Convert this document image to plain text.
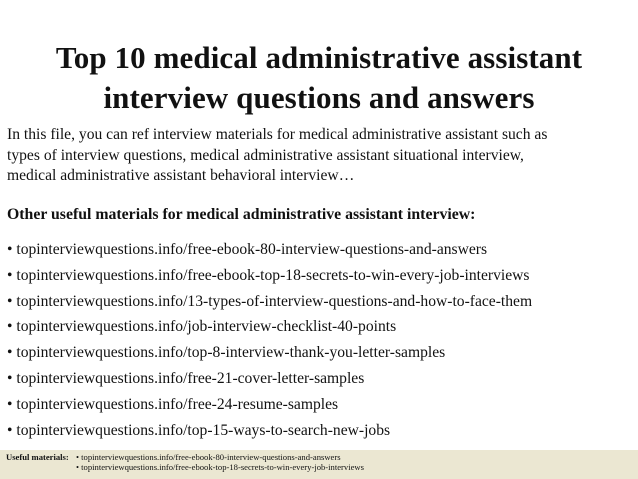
Top 10 medical administrative assistant
interview questions and answers
In this file, you can ref interview materials for medical administrative assistant such as
types of interview questions, medical administrative assistant situational interview,
medical administrative assistant behavioral interview…
Other useful materials for medical administrative assistant interview:
• topinterviewquestions.info/free-ebook-80-interview-questions-and-answers
• topinterviewquestions.info/free-ebook-top-18-secrets-to-win-every-job-interviews
• topinterviewquestions.info/13-types-of-interview-questions-and-how-to-face-them
• topinterviewquestions.info/job-interview-checklist-40-points
• topinterviewquestions.info/top-8-interview-thank-you-letter-samples
• topinterviewquestions.info/free-21-cover-letter-samples
• topinterviewquestions.info/free-24-resume-samples
• topinterviewquestions.info/top-15-ways-to-search-new-jobs
Useful materials: • topinterviewquestions.info/free-ebook-80-interview-questions-and-answers
• topinterviewquestions.info/free-ebook-top-18-secrets-to-win-every-job-interviews
